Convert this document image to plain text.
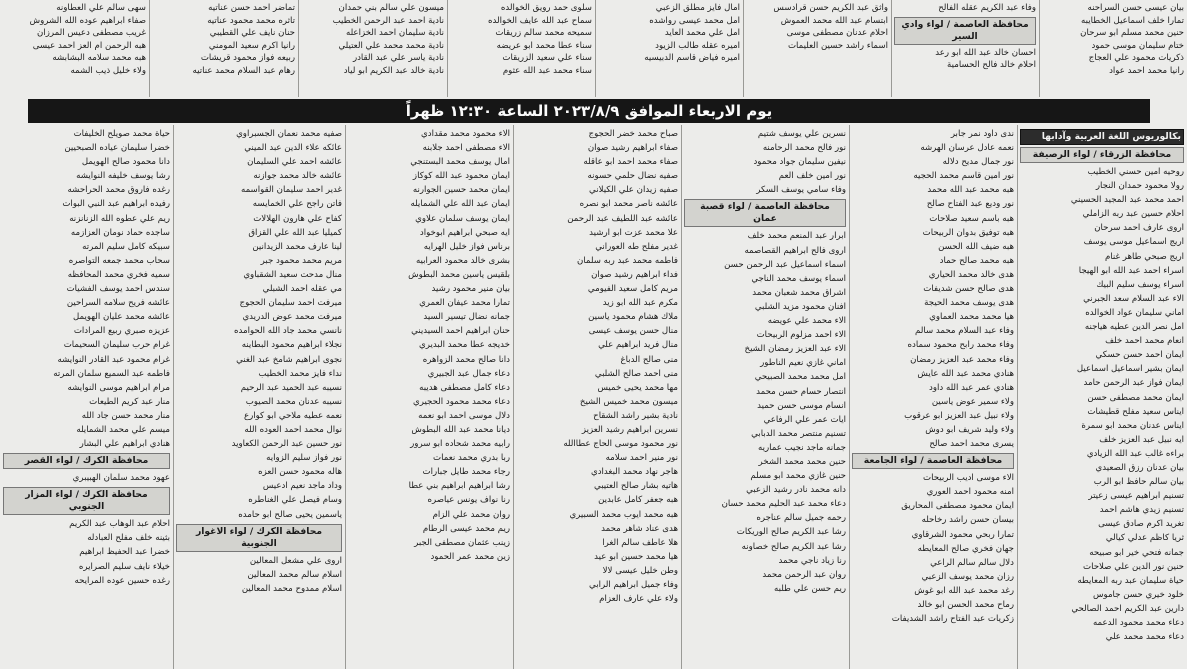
بيان عيسى حسن السراحنه
تمارا خلف اسماعيل الخطايبه
حنين محمد مسلم ابو سرحان
ختام سليمان موسى حمود
ذكريات محمود علي العجاج
رانيا محمد احمد عواد
وفاء عبد الكريم عقله الفالح
محافظة العاصمة / لواء وادي السير
احسان خالد عبد الله ابو رعد
احلام خالد فالح الحسامية
واثق عبد الكريم حسن قرادسس
ابتسام عبد الله محمد العموش
احلام عدنان مصطفى موسى
اسماء راشد حسين العليمات
امال فايز مطلق الزعبي
امل محمد عيسى رواشده
امل علي محمد العايد
اميره عقله طالب الزيود
اميره فياض قاسم الدبيسيه
سلوى حمد رويق الخوالده
سماح عبد الله عايف الخوالده
سميحه محمد سالم زريقات
سناء عطا محمد ابو عريضه
سناء علي سعيد الزريقات
سناء محمد عبد الله عثوم
ميسون علي سالم بني حمدان
نادية احمد عبد الرحمن الخطيب
نادية سليمان احمد الخزاعله
نادية محمد محمد علي العتيلي
نادية ياسر علي عبد القادر
نادية خالد عبد الكريم ابو لياد
تماضر احمد حسن عناتيه
تاثره محمد محمود عناتيه
حنان نايف علي القطيبي
رانيا اكرم سعيد المومني
ربيعه فواز محمود قريشات
رهام عبد السلام محمد عناتيه
سهى سالم علي العطاونه
صفاء ابراهيم عوده الله الشروش
غريب مصطفى دعيس المرزان
هبه الرحمن ام العز احمد عيسى
هبه محمد سلامه البشابشه
ولاء خليل ذيب الشمه
يوم الاربعاء الموافق ٢٠٢٣/٨/٩ الساعة ١٢:٣٠ ظهراً
بكالوريوس اللغة العربية وآدابها
محافظة الزرقاء / لواء الرصيفة
روحيه امين حسني الخطيب
رولا محمود حمدان النجار
احمد محمد عبد المجيد الحسيني
احلام حسين عبد ربه الزاملي
اروى عارف احمد سرحان
اريج اسماعيل موسى يوسف
اريج صبحي طاهر غنام
اسراء احمد عبد الله ابو الهيجا
اسراء يوسف سليم البيك
الاء عبد السلام سعد الجبرني
اماني سليمان عواد الخوالده
امل نصر الدين عطيه هياجنه
انعام محمد احمد خلف
ايمان احمد حسن حسكي
ايمان بشير اسماعيل اسماعيل
ايمان فواز عبد الرحمن حامد
ايمان محمد مصطفى حسن
ايناس سعيد مفلح قطيشات
ايناس عدنان محمد ابو سمرة
ايه نبيل عبد العزيز خلف
براءه غالب عبد الله الزيادي
بيان عدنان رزق الصعيدي
بيان سالم حافظ ابو الرب
تسنيم ابراهيم عيسى زعيتر
تسنيم زيدي هاشم احمد
تغريد اكرم صادق عيسى
ثريا كاظم عدلي كيالي
جمانه فتحي خير ابو صبيحه
حنين نور الدين علي صلاحات
حياة سليمان عبد ربه المعايطه
خلود خيري حسن جاموس
دارين عبد الكريم احمد الصالحي
دعاء محمد محمود الدعمه
دعاء محمد محمد علي
ندى داود نمر جابر
نعمه عادل عرسان الهرشه
نور جمال مديح دلاله
نور امين قاسم محمد الحجيه
هبه محمد عبد الله محمد
نور وديع عبد الفتاح صالح
هبه باسم سعيد صلاحات
هبه توفيق بدوان الربيحات
هبه ضيف الله الحسن
هبه محمد صالح حماد
هدى خالد محمد الحياري
هدى صالح حسن شديفات
هدى يوسف محمد الحيجة
هيا محمد محمد العماوي
وفاء عبد السلام محمد سالم
وفاء محمد رابح محمود سماده
وفاء محمد عبد العزيز رمضان
هنادي محمد عبد الله عايش
هنادي عمر عبد الله داود
ولاء سمير عوض ياسين
ولاء نبيل عبد العزيز ابو عرقوب
ولاء وليد شريف ابو دوش
يسرى محمد احمد صالح
محافظة العاصمة / لواء الجامعة
الاء موسى اديب الربيحات
امنه محمود احمد العوري
ايمان محمود مصطفى المحاريق
بيسان حسن راشد رخاحله
تمارا ربحي محمود الشرقاوي
جهان فخري صالح المعايطه
دلال سالم سالم الراعي
رزان محمد يوسف الزعبي
رغد محمد عبد الله ابو غوش
رماح محمد الحسن ابو خالد
زكريات عبد الفتاح راشد الشديفات
نسرين علي يوسف شتيم
نور فالح محمد الرحامنه
نيفين سليمان جواد محمود
نور امين خلف العم
وفاء سامي يوسف السكر
محافظة العاصمة / لواء قصبة عمان
ابرار عبد المنعم محمد خلف
اروى فالح ابراهيم القصاصمه
اسماء اسماعيل عبد الرحمن حسن
اسماء يوسف محمد الناجي
اشراق محمد شعبان محمد
افنان محمود مزيد الشلبي
الاء محمد علي عويضه
الاء احمد مزلوم الربيحات
الاء عبد العزيز رمضان الشيخ
اماني غازي نعيم الناطور
امل محمد محمد الصبيحي
انتصار حسام حسن محمد
انسام موسى حسن حميد
ايات عمر علي الرفاعي
تسنيم منتصر محمد الدبابي
جمانه ماجد نجيب عماريه
حنين محمد محمد الشخر
حنين غازي محمد ابو مسلم
دانه محمد نادر رشيد الزعبي
دعاء محمد عبد الحليم محمد حسان
رحمه جميل سالم عناجره
رشا عبد الكريم صالح الوريكات
رشا عبد الكريم صالح خصاونه
رنا زياد ناجي محمد
روان عبد الرحمن محمد
ريم حسن علي طلبه
صباح محمد خضر الحجوج
صفاء ابراهيم رشيد صوان
صفاء محمد احمد ابو عاقله
صفيه نضال حلمي حسونه
صفيه زيدان علي الكيلاني
عائشه ناصر محمد ابو نصره
عائشه عبد اللطيف عبد الرحمن
علا محمد عزت ابو ارشيد
غدير مفلح طه العوراني
فاطمه محمد عبد ربه سلمان
فداء ابراهيم رشيد صوان
مريم كامل سعيد الفيومي
مكرم عبد الله ابو زيد
ملاك هشام محمود ياسين
منال حسن يوسف عيسى
منال فريد ابراهيم علي
منى صالح الدباغ
منى احمد صالح الشلبي
مها محمد يحيى خميس
ميسون محمد خميس الشيخ
نادية بشير راشد الشقاح
نسرين ابراهيم رشيد العزيز
نور محمود موسى الحاج عطاالله
نور منير احمد سلامه
هاجر نهاد محمد البغدادي
هاتيه بشار صالح العتيبي
هبه جعفر كامل عابدين
هبه محمد ايوب محمد السبيري
هدى عناد شاهر محمد
هلا عاطف سالم الغرا
هيا محمد حسين ابو عيد
وطن خليل عيسى لالا
وفاء جميل ابراهيم الرابي
ولاء علي عارف العزام
الاء محمود محمد مقدادي
الاء مصطفى احمد جلابنه
امال يوسف محمد البستنجي
ايمان محمود عبد الله كوكاز
ايمان محمد حسين الجوارنه
ايمان عبد الله علي الشمايله
ايمان يوسف سلمان علاوي
ايه صبحي ابراهيم ابوخواد
برناس فواز خليل الهرايه
بشرى خالد محمود العرابيه
بلقيس ياسين محمد البطوش
بيان منير محمود رشيد
تمارا محمد عيفان العمري
جمانه نضال تيسير السيد
حنان ابراهيم احمد السيديني
خديجه عطا محمد البديري
دانا صالح محمد الزواهره
دعاء جمال عبد الجبيري
دعاء كامل مصطفى هديبه
دعاء محمد محمود الحجيري
دلال موسى احمد ابو نعمه
ديانا محمد عبد الله البطوش
رابيه محمد شحاده ابو سرور
ربا بدري محمد نعمات
رجاء محمد طايل جبارات
رشا ابراهيم ابراهيم بني عطا
رنا نواف يونس عياصره
روان محمد علي الزام
ريم محمد عيسى الرطام
زينب عثمان مصطفى الجبر
زين محمد عمر الحمود
صفيه محمد نعمان الجسبراوي
عائكه علاء الدين عبد الميني
عائشه احمد علي السليمان
عائشه خالد محمد جوازنه
غدير احمد سليمان القواسمه
فاتن راجح علي الخمايسه
كفاح علي هارون الهلالات
كميليا عبد الله علي القزاق
لينا عارف محمد الزيدانين
مريم محمد محمود جبر
منال مدحت سعيد الشقباوي
مي عقله احمد الشبلي
ميرفت احمد سليمان الحجوج
ميرفت محمد عوض الدريدي
نانسي محمد جاد الله الحوامده
نجلاء ابراهيم محمود البطاينه
نجوى ابراهيم شامخ عبد الغني
نداء فايز محمد الخطيب
نسيبه عبد الحميد عبد الرحيم
نسيبه عدنان محمد الصيوب
نعمه عطيه ملاحي ابو كوارع
نوال محمد احمد العوده الله
نور حسين عبد الرحمن الكعاويد
نور فواز سليم الزوايه
هاله محمود حسن العزه
وداد ماجد نعيم ادعيس
وسام فيصل علي الغناطره
ياسمين يحيى صالح ابو حامده
محافظة الكرك / لواء الاغوار الجنوبية
اروى علي مشعل المعالين
اسلام سالم محمد المعالين
اسلام ممدوح محمد المعالين
حياة محمد صويلح الخليفات
خضرا سليمان عياده الصبحيين
دانا محمود صالح الهويمل
رشا يوسف خليفه النوايشه
رغده فاروق محمد الحراحشه
رفيده ابراهيم عبد النبي البوات
ريم علي عطوه الله الزنانزنه
ساجده حماد نومان العزازمه
سبيكه كامل سليم المرته
سحاب محمد جمعه التواصره
سميه فخري محمد المحافظه
سندس احمد يوسف الفشيات
عائشه فريح سلامه السراحين
عائشه محمد عليان الهويمل
عزيزه صبري ربيع المرادات
غرام حرب سليمان السحيمات
غرام محمود عبد القادر النوايشه
فاطمه عبد السميع سلمان المرته
مرام ابراهيم موسى النوايشه
منار عبد كريم الطيعات
منار محمد حسن جاد الله
ميسم علي محمد الشمايله
هنادي ابراهيم علي البشار
محافظة الكرك / لواء القصر
عهود محمد سلمان الهبيبري
محافظة الكرك / لواء المزار الجنوبي
احلام عبد الوهاب عبد الكريم
بثينه خلف مفلح العبادله
خضرا عبد الحفيظ ابراهيم
خيلاء نايف سليم الصرايره
رغده حسين عوده المرايحه
